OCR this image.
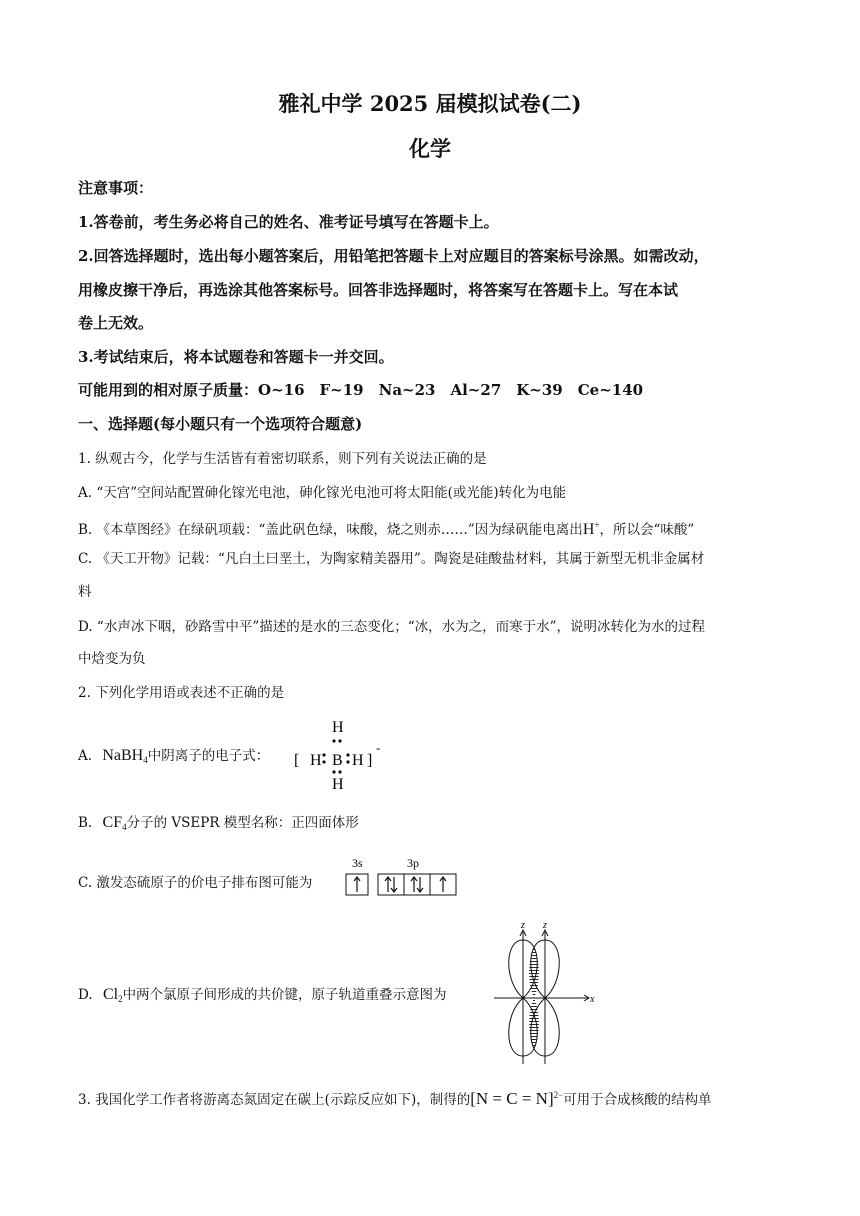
雅礼中学 2025 届模拟试卷(二)
化学
注意事项：
1.答卷前，考生务必将自己的姓名、准考证号填写在答题卡上。
2.回答选择题时，选出每小题答案后，用铅笔把答题卡上对应题目的答案标号涂黑。如需改动，
用橡皮擦干净后，再选涂其他答案标号。回答非选择题时，将答案写在答题卡上。写在本试
卷上无效。
3.考试结束后，将本试题卷和答题卡一并交回。
可能用到的相对原子质量：O~16　F~19　Na~23　Al~27　K~39　Ce~140
一、选择题(每小题只有一个选项符合题意)
1. 纵观古今，化学与生活皆有着密切联系，则下列有关说法正确的是
A. “天宫”空间站配置砷化镓光电池，砷化镓光电池可将太阳能(或光能)转化为电能
B. 《本草图经》在绿矾项载：“盖此矾色绿，味酸，烧之则赤……”因为绿矾能电离出H+，所以会“味酸”
C. 《天工开物》记载：“凡白土曰垩土，为陶家精美器用”。陶瓷是硅酸盐材料，其属于新型无机非金属材
料
D. “水声冰下咽，砂路雪中平”描述的是水的三态变化；“冰，水为之，而寒于水”，说明冰转化为水的过程
中焓变为负
2. 下列化学用语或表述不正确的是
A. NaBH$_4$中阴离子的电子式：	[ H B H
H
H
]
-
B. $CF_4$分子的 VSEPR 模型名称：正四面体形
C. 激发态硫原子的价电子排布图可能为
3s	3p
D. $Cl_2$中两个氯原子间形成的共价键，原子轨道重叠示意图为	x
z z
3. 我国化学工作者将游离态氮固定在碳上(示踪反应如下)，制得的[N = C = N]$^{2-}$可用于合成核酸的结构单
